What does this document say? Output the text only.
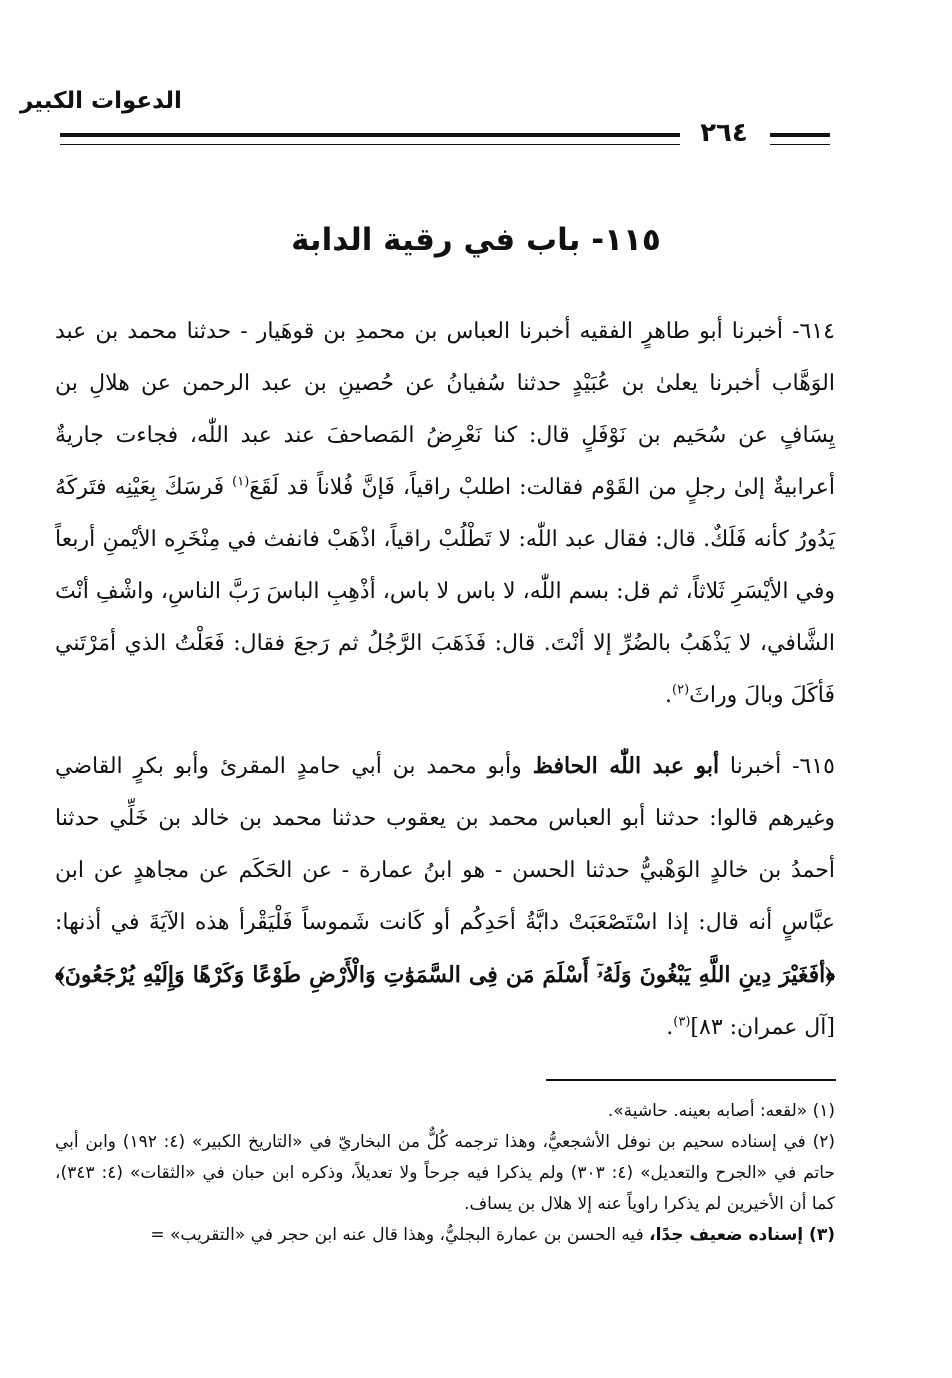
الدعوات الكبير
٢٦٤
١١٥- باب في رقية الدابة

٦١٤- أخبرنا أبو طاهرٍ الفقيه أخبرنا العباس بن محمدِ بن قوهَيار - حدثنا محمد بن عبد الوَهَّاب أخبرنا يعلىٰ بن عُبَيْدٍ حدثنا سُفيانُ عن حُصينِ بن عبد الرحمن عن هلالِ بن يِسَافٍ عن سُحَيم بن نَوْفَلٍ قال: كنا نَعْرِضُ المَصاحفَ عند عبد اللّٰه، فجاءت جاريةٌ أعرابيةٌ إلىٰ رجلٍ من القَوْم فقالت: اطلبْ راقياً، فَإنَّ فُلاناً قد لَقَعَ$^{(١)}$ فَرسَكَ بِعَيْنِه فتَركَهُ يَدُورُ كأنه فَلَكٌ. قال: فقال عبد اللّٰه: لا تَطْلُبْ راقياً، اذْهَبْ فانفث في مِنْخَرِه الأيْمنِ أربعاً وفي الأيْسَرِ ثَلاثاً، ثم قل: بسم اللّٰه، لا باس لا باس، أذْهِبِ الباسَ رَبَّ الناسِ، واشْفِ أنْتَ الشَّافي، لا يَذْهَبُ بالضُرِّ إلا أنْتَ. قال: فَذَهَبَ الرَّجُلُ ثم رَجعَ فقال: فَعَلْتُ الذي أمَرْتَني فَأكَلَ وبالَ وراثَ$^{(٢)}$.

٦١٥- أخبرنا أبو عبد اللّٰه الحافظ وأبو محمد بن أبي حامدٍ المقرئ وأبو بكرٍ القاضي وغيرهم قالوا: حدثنا أبو العباس محمد بن يعقوب حدثنا محمد بن خالد بن خَلِّي حدثنا أحمدُ بن خالدٍ الوَهْبيُّ حدثنا الحسن - هو ابنُ عمارة - عن الحَكَم عن مجاهدٍ عن ابن عبَّاسٍ أنه قال: إذا اسْتَصْعَبَتْ دابَّةُ أحَدِكُم أو كَانت شَموساً فَلْيَقْرأ هذه الآيَةَ في أذنها: ﴿أفَغَيْرَ دِينِ اللَّهِ يَبْغُونَ وَلَهُۥٓ أَسْلَمَ مَن فِى السَّمَوَٰتِ وَالْأَرْضِ طَوْعًا وَكَرْهًا وَإِلَيْهِ يُرْجَعُونَ﴾ [آل عمران: ٨٣]$^{(٣)}$.

(١) «لقعه: أصابه بعينه. حاشية».

(٢) في إسناده سحيم بن نوفل الأشجعيُّ، وهذا ترجمه كُلٌّ من البخاريّ في «التاريخ الكبير» (٤: ١٩٢) وابن أبي حاتم في «الجرح والتعديل» (٤: ٣٠٣) ولم يذكرا فيه جرحاً ولا تعديلاً، وذكره ابن حبان في «الثقات» (٤: ٣٤٣)، كما أن الأخيرين لم يذكرا راوياً عنه إلا هلال بن يساف.

(٣) إسناده ضعيف جدًا، فيه الحسن بن عمارة البجليُّ، وهذا قال عنه ابن حجر في «التقريب» =
